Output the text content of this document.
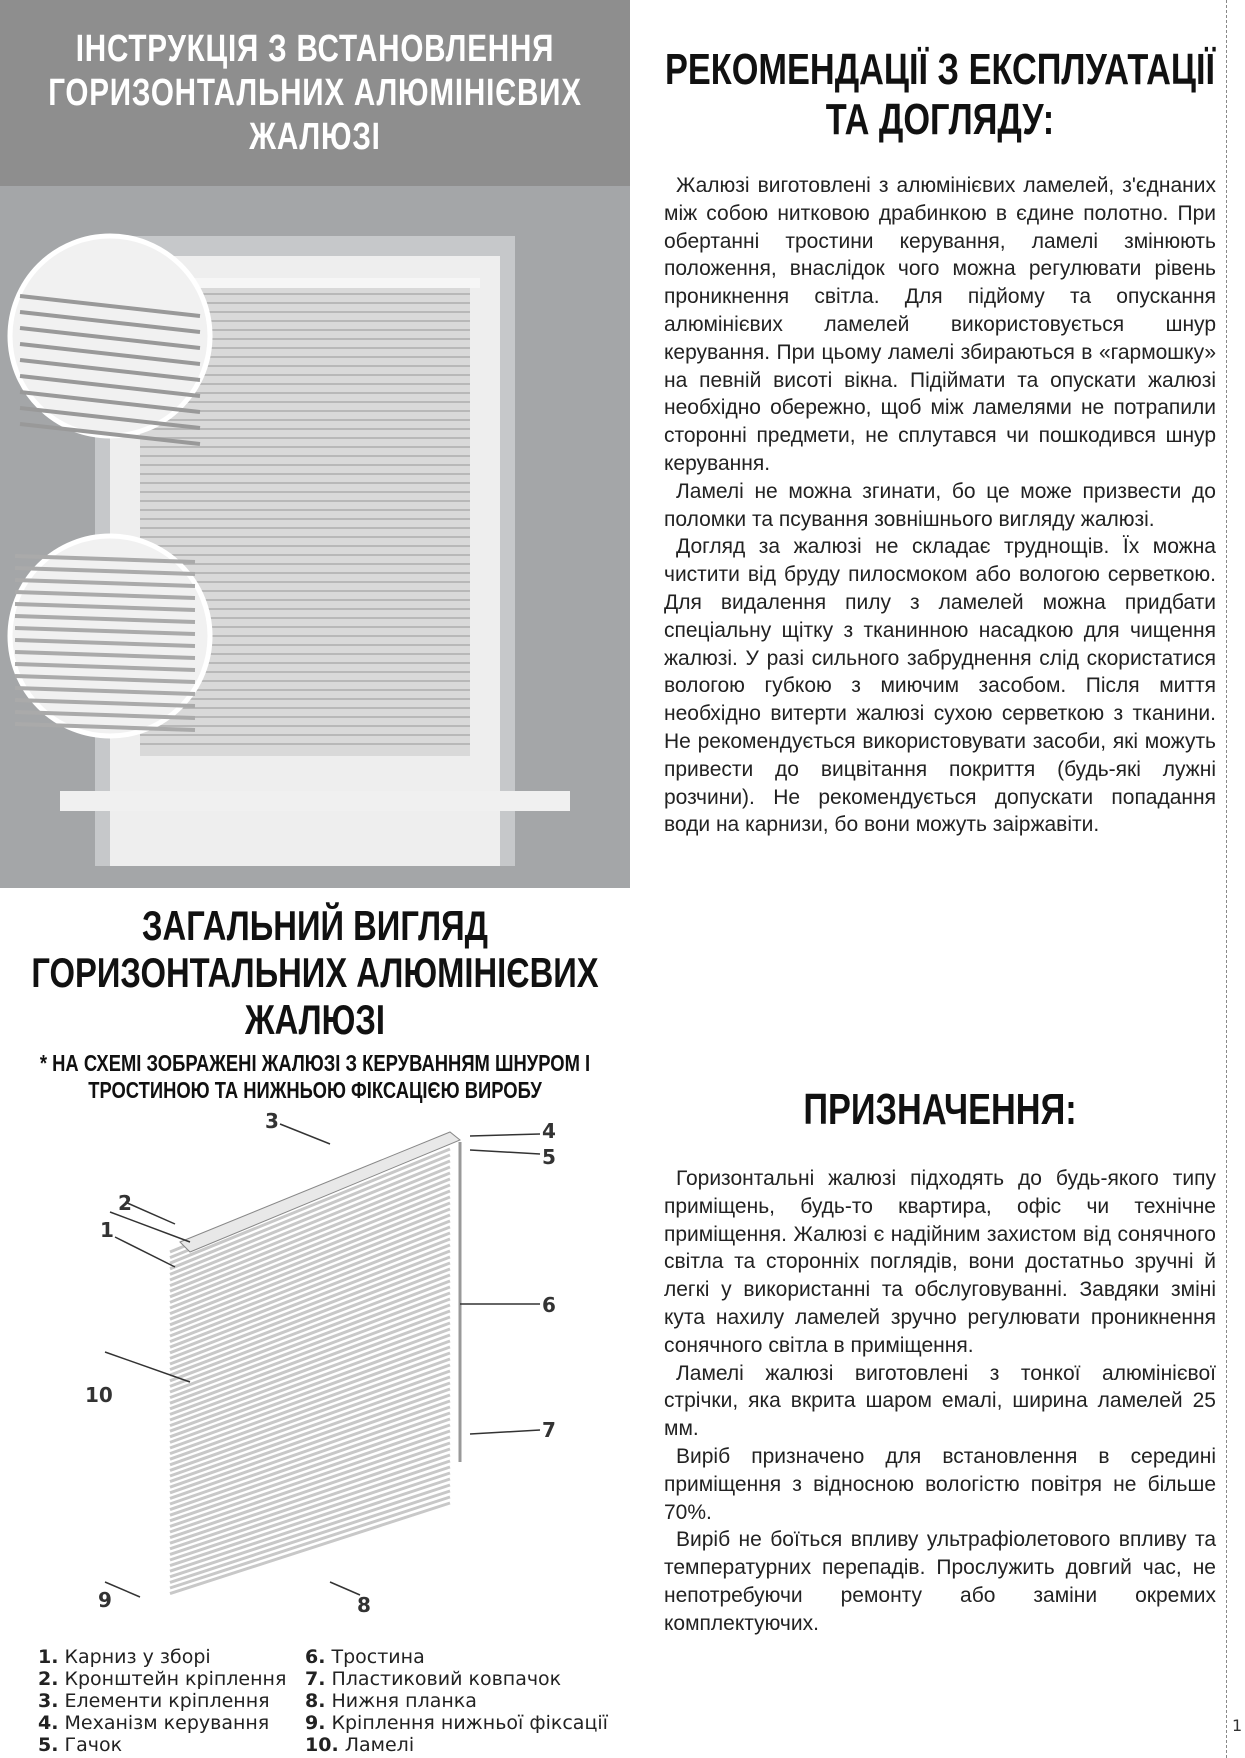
ІНСТРУКЦІЯ З ВСТАНОВЛЕННЯ ГОРИЗОНТАЛЬНИХ АЛЮМІНІЄВИХ ЖАЛЮЗІ
ЗАГАЛЬНИЙ ВИГЛЯД ГОРИЗОНТАЛЬНИХ АЛЮМІНІЄВИХ ЖАЛЮЗІ
* НА СХЕМІ ЗОБРАЖЕНІ ЖАЛЮЗІ З КЕРУВАННЯМ ШНУРОМ І ТРОСТИНОЮ ТА НИЖНЬОЮ ФІКСАЦІЄЮ ВИРОБУ
1
2
3	4
5
6
7
8
9
10
1. Карниз у зборі
2. Кронштейн кріплення
3. Елементи кріплення
4. Механізм керування
5. Гачок
6. Тростина
7. Пластиковий ковпачок
8. Нижня планка
9. Кріплення нижньої фіксації
10. Ламелі
РЕКОМЕНДАЦІЇ З ЕКСПЛУАТАЦІЇ ТА ДОГЛЯДУ:

Жалюзі виготовлені з алюмінієвих ламелей, з'єднаних між собою нитковою драбинкою в єдине полотно. При обертанні тростини керування, ламелі змінюють положення, внаслідок чого можна регулювати рівень проникнення світла. Для підйому та опускання алюмінієвих ламелей використовується шнур керування. При цьому ламелі збираються в «гармошку» на певній висоті вікна. Підіймати та опускати жалюзі необхідно обережно, щоб між ламелями не потрапили сторонні предмети, не сплутався чи пошкодився шнур керування.

Ламелі не можна згинати, бо це може призвести до поломки та псування зовнішнього вигляду жалюзі.

Догляд за жалюзі не складає труднощів. Їх можна чистити від бруду пилосмоком або вологою серветкою. Для видалення пилу з ламелей можна придбати спеціальну щітку з тканинною насадкою для чищення жалюзі. У разі сильного забруднення слід скористатися вологою губкою з миючим засобом. Після миття необхідно витерти жалюзі сухою серветкою з тканини. Не рекомендується використовувати засоби, які можуть привести до вицвітання покриття (будь-які лужні розчини). Не рекомендується допускати попадання води на карнизи, бо вони можуть заіржавіти.

ПРИЗНАЧЕННЯ:

Горизонтальні жалюзі підходять до будь-якого типу приміщень, будь-то квартира, офіс чи технічне приміщення. Жалюзі є надійним захистом від сонячного світла та сторонніх поглядів, вони достатньо зручні й легкі у використанні та обслуговуванні. Завдяки зміні кута нахилу ламелей зручно регулювати проникнення сонячного світла в приміщення.

Ламелі жалюзі виготовлені з тонкої алюмінієвої стрічки, яка вкрита шаром емалі, ширина ламелей 25 мм.

Виріб призначено для встановлення в середині приміщення з відносною вологістю повітря не більше 70%.

Виріб не боїться впливу ультрафіолетового впливу та температурних перепадів. Прослужить довгий час, не непотребуючи ремонту або заміни окремих комплектуючих.

1
